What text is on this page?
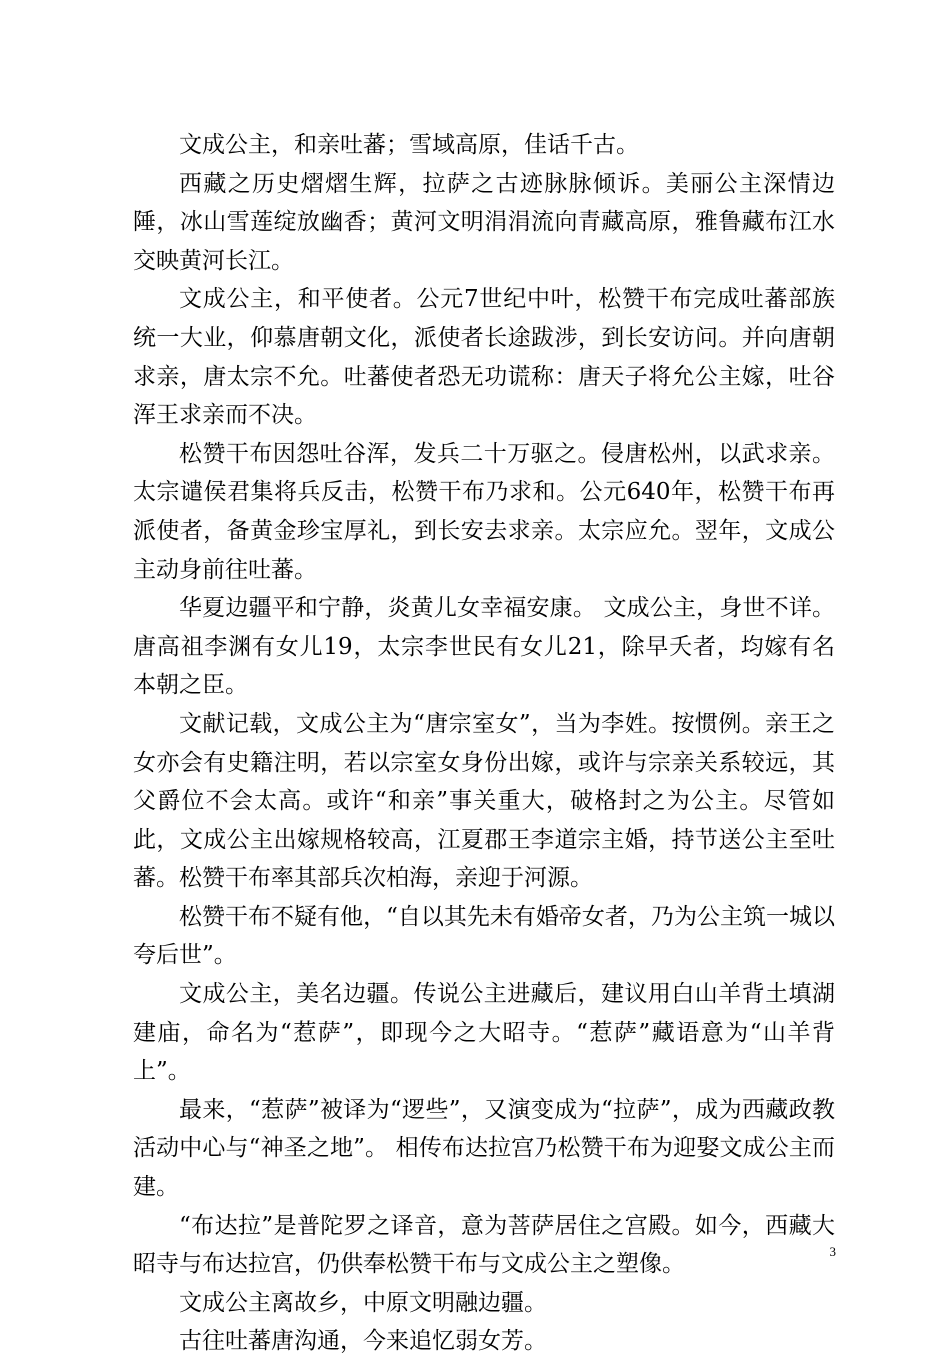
文成公主，和亲吐蕃；雪域高原，佳话千古。

西藏之历史熠熠生辉，拉萨之古迹脉脉倾诉。美丽公主深情边陲，冰山雪莲绽放幽香；黄河文明涓涓流向青藏高原，雅鲁藏布江水交映黄河长江。

文成公主，和平使者。公元7世纪中叶，松赞干布完成吐蕃部族统一大业，仰慕唐朝文化，派使者长途跋涉，到长安访问。并向唐朝求亲，唐太宗不允。吐蕃使者恐无功谎称：唐天子将允公主嫁，吐谷浑王求亲而不决。

松赞干布因怨吐谷浑，发兵二十万驱之。侵唐松州，以武求亲。太宗谴侯君集将兵反击，松赞干布乃求和。公元640年，松赞干布再派使者，备黄金珍宝厚礼，到长安去求亲。太宗应允。翌年，文成公主动身前往吐蕃。

华夏边疆平和宁静，炎黄儿女幸福安康。 文成公主，身世不详。唐高祖李渊有女儿19，太宗李世民有女儿21，除早夭者，均嫁有名本朝之臣。

文献记载，文成公主为“唐宗室女”，当为李姓。按惯例。亲王之女亦会有史籍注明，若以宗室女身份出嫁，或许与宗亲关系较远，其父爵位不会太高。或许“和亲”事关重大，破格封之为公主。尽管如此，文成公主出嫁规格较高，江夏郡王李道宗主婚，持节送公主至吐蕃。松赞干布率其部兵次柏海，亲迎于河源。

松赞干布不疑有他，“自以其先未有婚帝女者，乃为公主筑一城以夸后世”。

文成公主，美名边疆。传说公主进藏后，建议用白山羊背土填湖建庙，命名为“惹萨”，即现今之大昭寺。“惹萨”藏语意为“山羊背上”。

最来，“惹萨”被译为“逻些”，又演变成为“拉萨”，成为西藏政教活动中心与“神圣之地”。 相传布达拉宫乃松赞干布为迎娶文成公主而建。

“布达拉”是普陀罗之译音，意为菩萨居住之宫殿。如今，西藏大昭寺与布达拉宫，仍供奉松赞干布与文成公主之塑像。

文成公主离故乡，中原文明融边疆。

古往吐蕃唐沟通，今来追忆弱女芳。

3
